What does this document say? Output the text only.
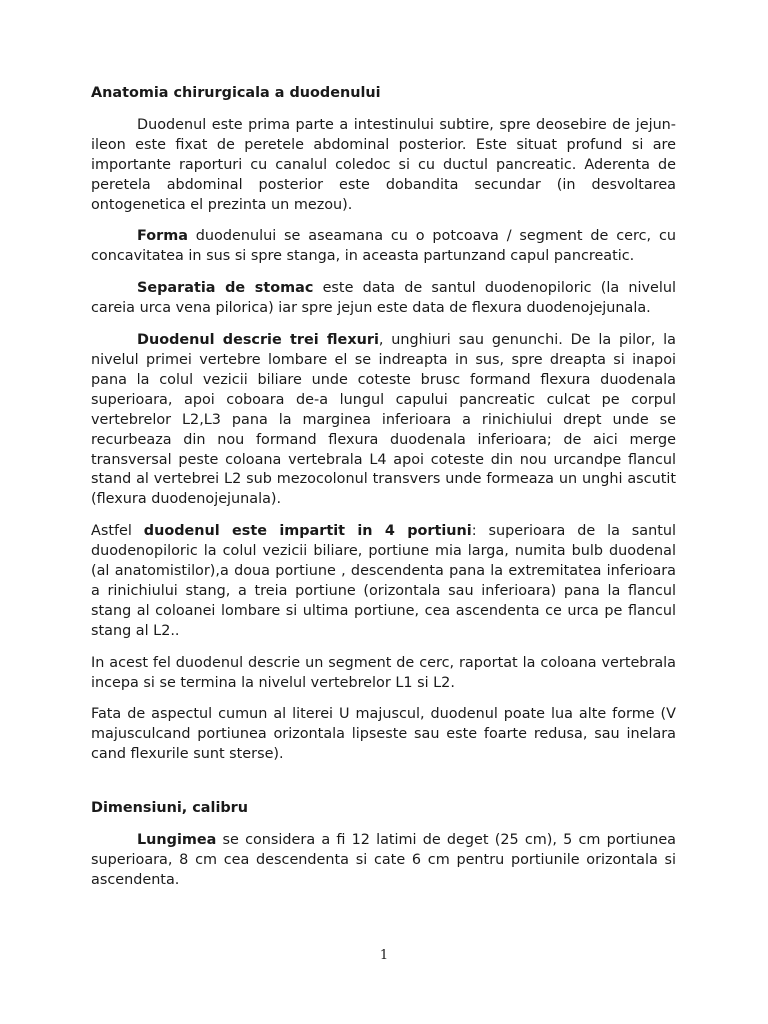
Anatomia chirurgicala a duodenului

Duodenul este prima parte a intestinului subtire, spre deosebire de jejun-ileon este fixat de peretele abdominal posterior. Este situat profund si are importante raporturi cu canalul coledoc si cu ductul pancreatic. Aderenta de peretela abdominal posterior este dobandita secundar (in desvoltarea ontogenetica el prezinta un mezou).

Forma duodenului se aseamana cu o potcoava / segment de cerc, cu concavitatea in sus si spre stanga, in aceasta partunzand capul pancreatic.

Separatia de stomac este data de santul duodenopiloric (la nivelul careia urca vena pilorica) iar spre jejun este data de flexura duodenojejunala.

Duodenul descrie trei flexuri, unghiuri sau genunchi. De la pilor, la nivelul primei vertebre lombare el se indreapta in sus, spre dreapta si inapoi pana la colul vezicii biliare unde coteste brusc formand flexura duodenala superioara, apoi coboara de-a lungul capului pancreatic culcat pe corpul vertebrelor L2,L3 pana la marginea inferioara a rinichiului drept unde se recurbeaza din nou formand flexura duodenala inferioara; de aici merge transversal peste coloana vertebrala L4 apoi coteste din nou urcandpe flancul stand al vertebrei L2 sub mezocolonul transvers unde formeaza un unghi ascutit (flexura duodenojejunala).

Astfel duodenul este impartit in 4 portiuni: superioara de la santul duodenopiloric la colul vezicii biliare, portiune mia larga, numita bulb duodenal (al anatomistilor),a doua portiune , descendenta pana la extremitatea inferioara a rinichiului stang, a treia portiune (orizontala sau inferioara) pana la flancul stang al coloanei lombare si ultima portiune, cea ascendenta ce urca pe flancul stang al L2..

In acest fel duodenul descrie un segment de cerc, raportat la coloana vertebrala incepa si se termina la nivelul vertebrelor L1 si L2.

Fata de aspectul cumun al literei U majuscul, duodenul poate lua alte forme (V majusculcand portiunea orizontala lipseste sau este foarte redusa, sau inelara cand flexurile sunt sterse).

Dimensiuni, calibru

Lungimea se considera a fi 12 latimi de deget (25 cm), 5 cm portiunea superioara, 8 cm cea descendenta si cate 6 cm pentru portiunile orizontala si ascendenta.

1
